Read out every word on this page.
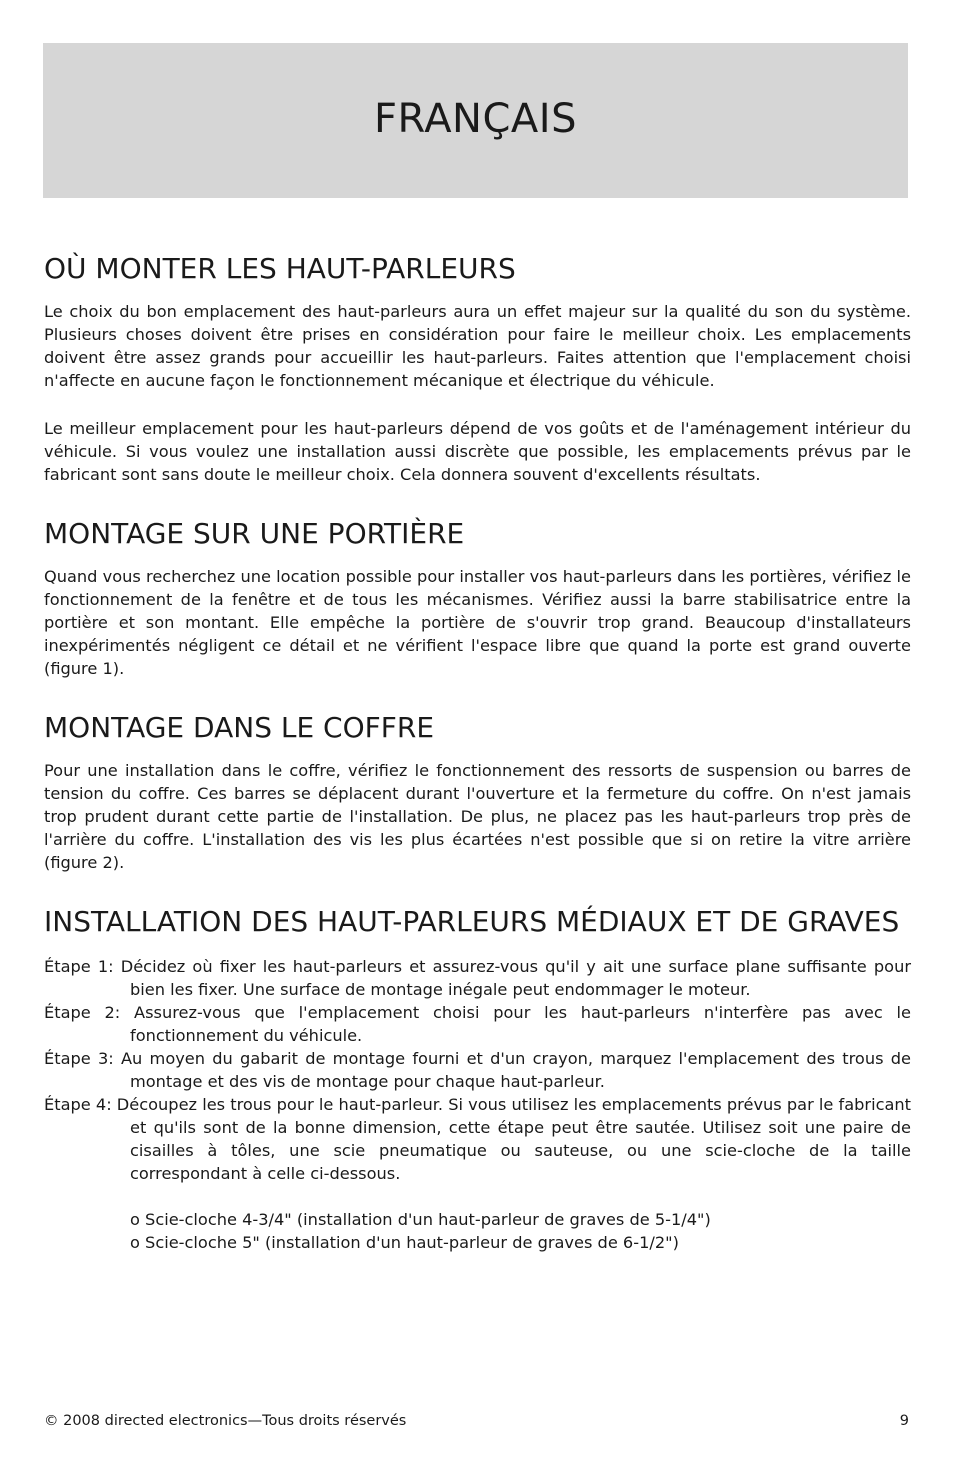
FRANÇAIS
OÙ MONTER LES HAUT-PARLEURS

Le choix du bon emplacement des haut-parleurs aura un effet majeur sur la qualité du son du système. Plusieurs choses doivent être prises en considération pour faire le meilleur choix. Les emplacements doivent être assez grands pour accueillir les haut-parleurs. Faites attention que l'emplacement choisi n'affecte en aucune façon le fonctionnement mécanique et électrique du véhicule.

Le meilleur emplacement pour les haut-parleurs dépend de vos goûts et de l'aménagement intérieur du véhicule. Si vous voulez une installation aussi discrète que possible, les emplacements prévus par le fabricant sont sans doute le meilleur choix. Cela donnera souvent d'excellents résultats.

MONTAGE SUR UNE PORTIÈRE

Quand vous recherchez une location possible pour installer vos haut-parleurs dans les portières, vérifiez le fonctionnement de la fenêtre et de tous les mécanismes. Vérifiez aussi la barre stabilisatrice entre la portière et son montant. Elle empêche la portière de s'ouvrir trop grand. Beaucoup d'installateurs inexpérimentés négligent ce détail et ne vérifient l'espace libre que quand la porte est grand ouverte (figure 1).

MONTAGE DANS LE COFFRE

Pour une installation dans le coffre, vérifiez le fonctionnement des ressorts de suspension ou barres de tension du coffre. Ces barres se déplacent durant l'ouverture et la fermeture du coffre. On n'est jamais trop prudent durant cette partie de l'installation. De plus, ne placez pas les haut-parleurs trop près de l'arrière du coffre. L'installation des vis les plus écartées n'est possible que si on retire la vitre arrière (figure 2).

INSTALLATION DES HAUT-PARLEURS MÉDIAUX ET DE GRAVES
Étape 1: Décidez où fixer les haut-parleurs et assurez-vous qu'il y ait une surface plane suffisante pour bien les fixer. Une surface de montage inégale peut endommager le moteur.
Étape 2: Assurez-vous que l'emplacement choisi pour les haut-parleurs n'interfère pas avec le fonctionnement du véhicule.
Étape 3: Au moyen du gabarit de montage fourni et d'un crayon, marquez l'emplacement des trous de montage et des vis de montage pour chaque haut-parleur.
Étape 4: Découpez les trous pour le haut-parleur. Si vous utilisez les emplacements prévus par le fabricant et qu'ils sont de la bonne dimension, cette étape peut être sautée. Utilisez soit une paire de cisailles à tôles, une scie pneumatique ou sauteuse, ou une scie-cloche de la taille correspondant à celle ci-dessous.
o Scie-cloche 4-3/4" (installation d'un haut-parleur de graves de 5-1/4")
o Scie-cloche 5" (installation d'un haut-parleur de graves de 6-1/2")
© 2008 directed electronics—Tous droits réservés	9
